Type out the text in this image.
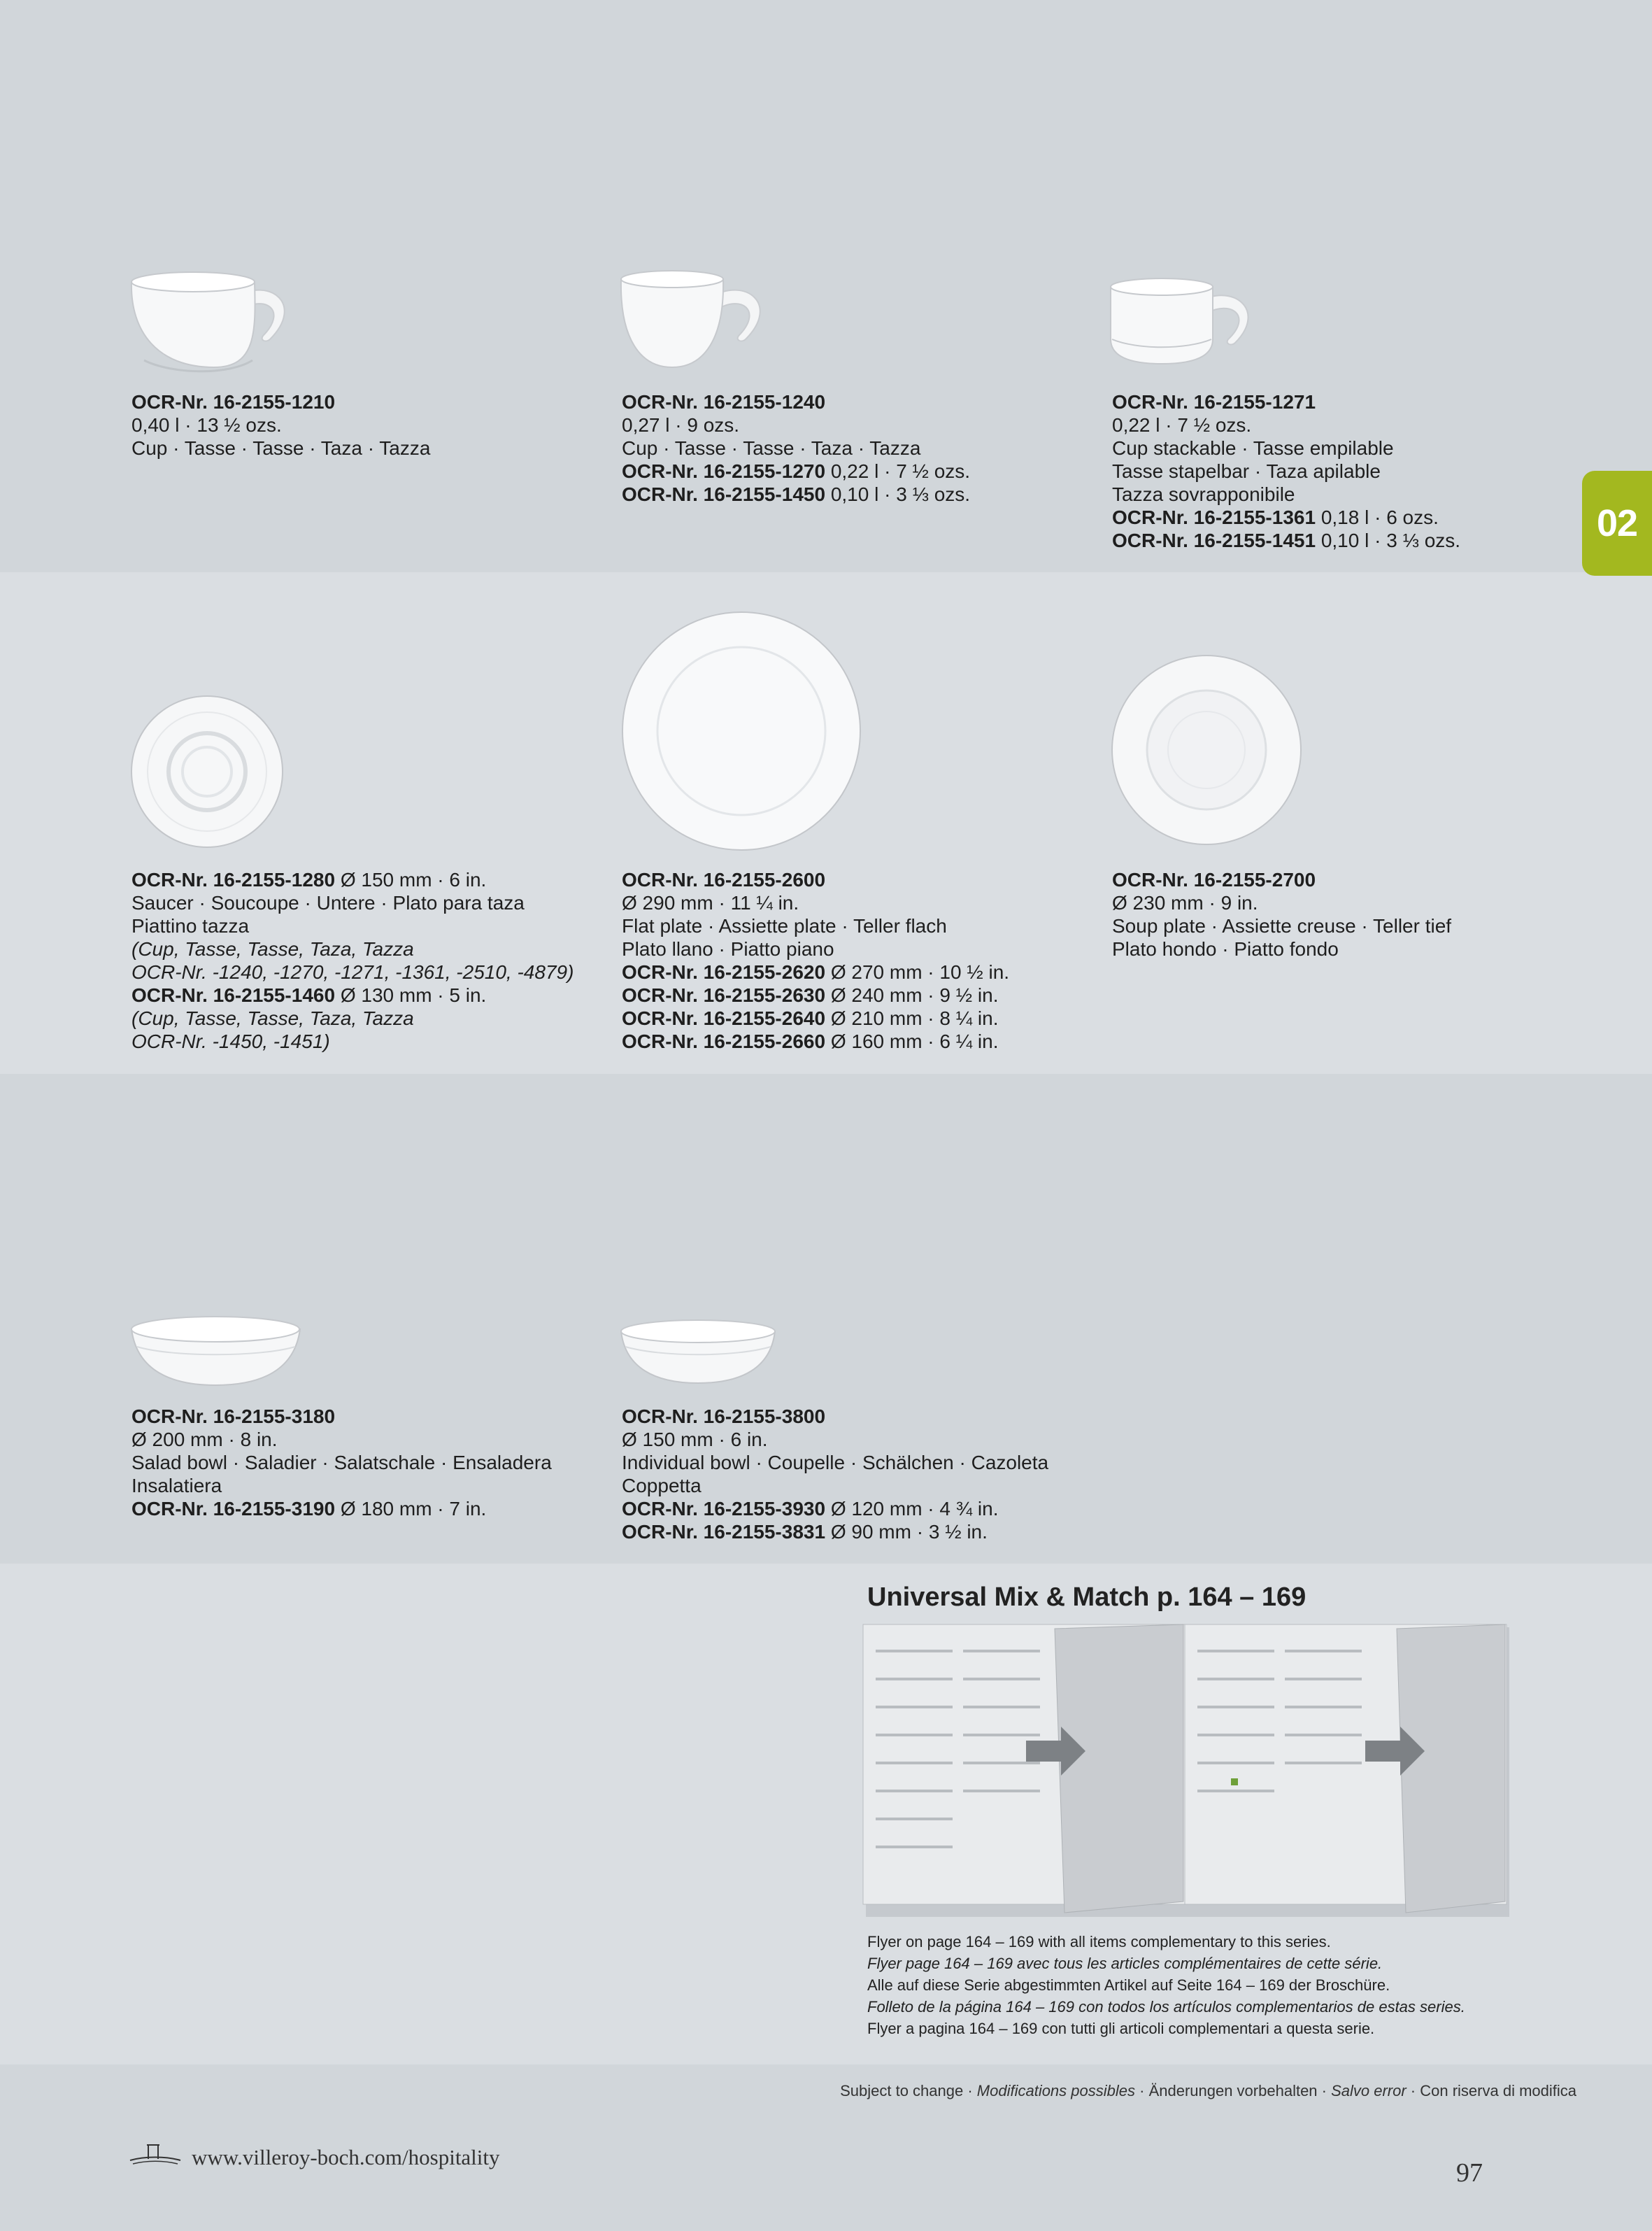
02
OCR-Nr. 16-2155-1210
0,40 l · 13 ½ ozs.
Cup · Tasse · Tasse · Taza · Tazza
OCR-Nr. 16-2155-1240
0,27 l · 9 ozs.
Cup · Tasse · Tasse · Taza · Tazza
OCR-Nr. 16-2155-1270 0,22 l · 7 ½ ozs.
OCR-Nr. 16-2155-1450 0,10 l · 3 ⅓ ozs.
OCR-Nr. 16-2155-1271
0,22 l · 7 ½ ozs.
Cup stackable · Tasse empilable
Tasse stapelbar · Taza apilable
Tazza sovrapponibile
OCR-Nr. 16-2155-1361 0,18 l · 6 ozs.
OCR-Nr. 16-2155-1451 0,10 l · 3 ⅓ ozs.
OCR-Nr. 16-2155-1280 Ø 150 mm · 6 in.
Saucer · Soucoupe · Untere · Plato para taza
Piattino tazza
(Cup, Tasse, Tasse, Taza, Tazza
OCR-Nr. -1240, -1270, -1271, -1361, -2510, -4879)
OCR-Nr. 16-2155-1460 Ø 130 mm · 5 in.
(Cup, Tasse, Tasse, Taza, Tazza
OCR-Nr. -1450, -1451)
OCR-Nr. 16-2155-2600
Ø 290 mm · 11 ¼ in.
Flat plate · Assiette plate · Teller flach
Plato llano · Piatto piano
OCR-Nr. 16-2155-2620 Ø 270 mm · 10 ½ in.
OCR-Nr. 16-2155-2630 Ø 240 mm · 9 ½ in.
OCR-Nr. 16-2155-2640 Ø 210 mm · 8 ¼ in.
OCR-Nr. 16-2155-2660 Ø 160 mm · 6 ¼ in.
OCR-Nr. 16-2155-2700
Ø 230 mm · 9 in.
Soup plate · Assiette creuse · Teller tief
Plato hondo · Piatto fondo
OCR-Nr. 16-2155-3180
Ø 200 mm · 8 in.
Salad bowl · Saladier · Salatschale · Ensaladera
Insalatiera
OCR-Nr. 16-2155-3190 Ø 180 mm · 7 in.
OCR-Nr. 16-2155-3800
Ø 150 mm · 6 in.
Individual bowl · Coupelle · Schälchen · Cazoleta
Coppetta
OCR-Nr. 16-2155-3930 Ø 120 mm · 4 ¾ in.
OCR-Nr. 16-2155-3831 Ø 90 mm · 3 ½ in.
Universal Mix & Match p. 164 – 169
Flyer on page 164 – 169 with all items complementary to this series.
Flyer page 164 – 169 avec tous les articles complémentaires de cette série.
Alle auf diese Serie abgestimmten Artikel auf Seite 164 – 169 der Broschüre.
Folleto de la página 164 – 169 con todos los artículos complementarios de estas series.
Flyer a pagina 164 – 169 con tutti gli articoli complementari a questa serie.
Subject to change · Modifications possibles · Änderungen vorbehalten · Salvo error · Con riserva di modifica
www.villeroy-boch.com/hospitality
97
